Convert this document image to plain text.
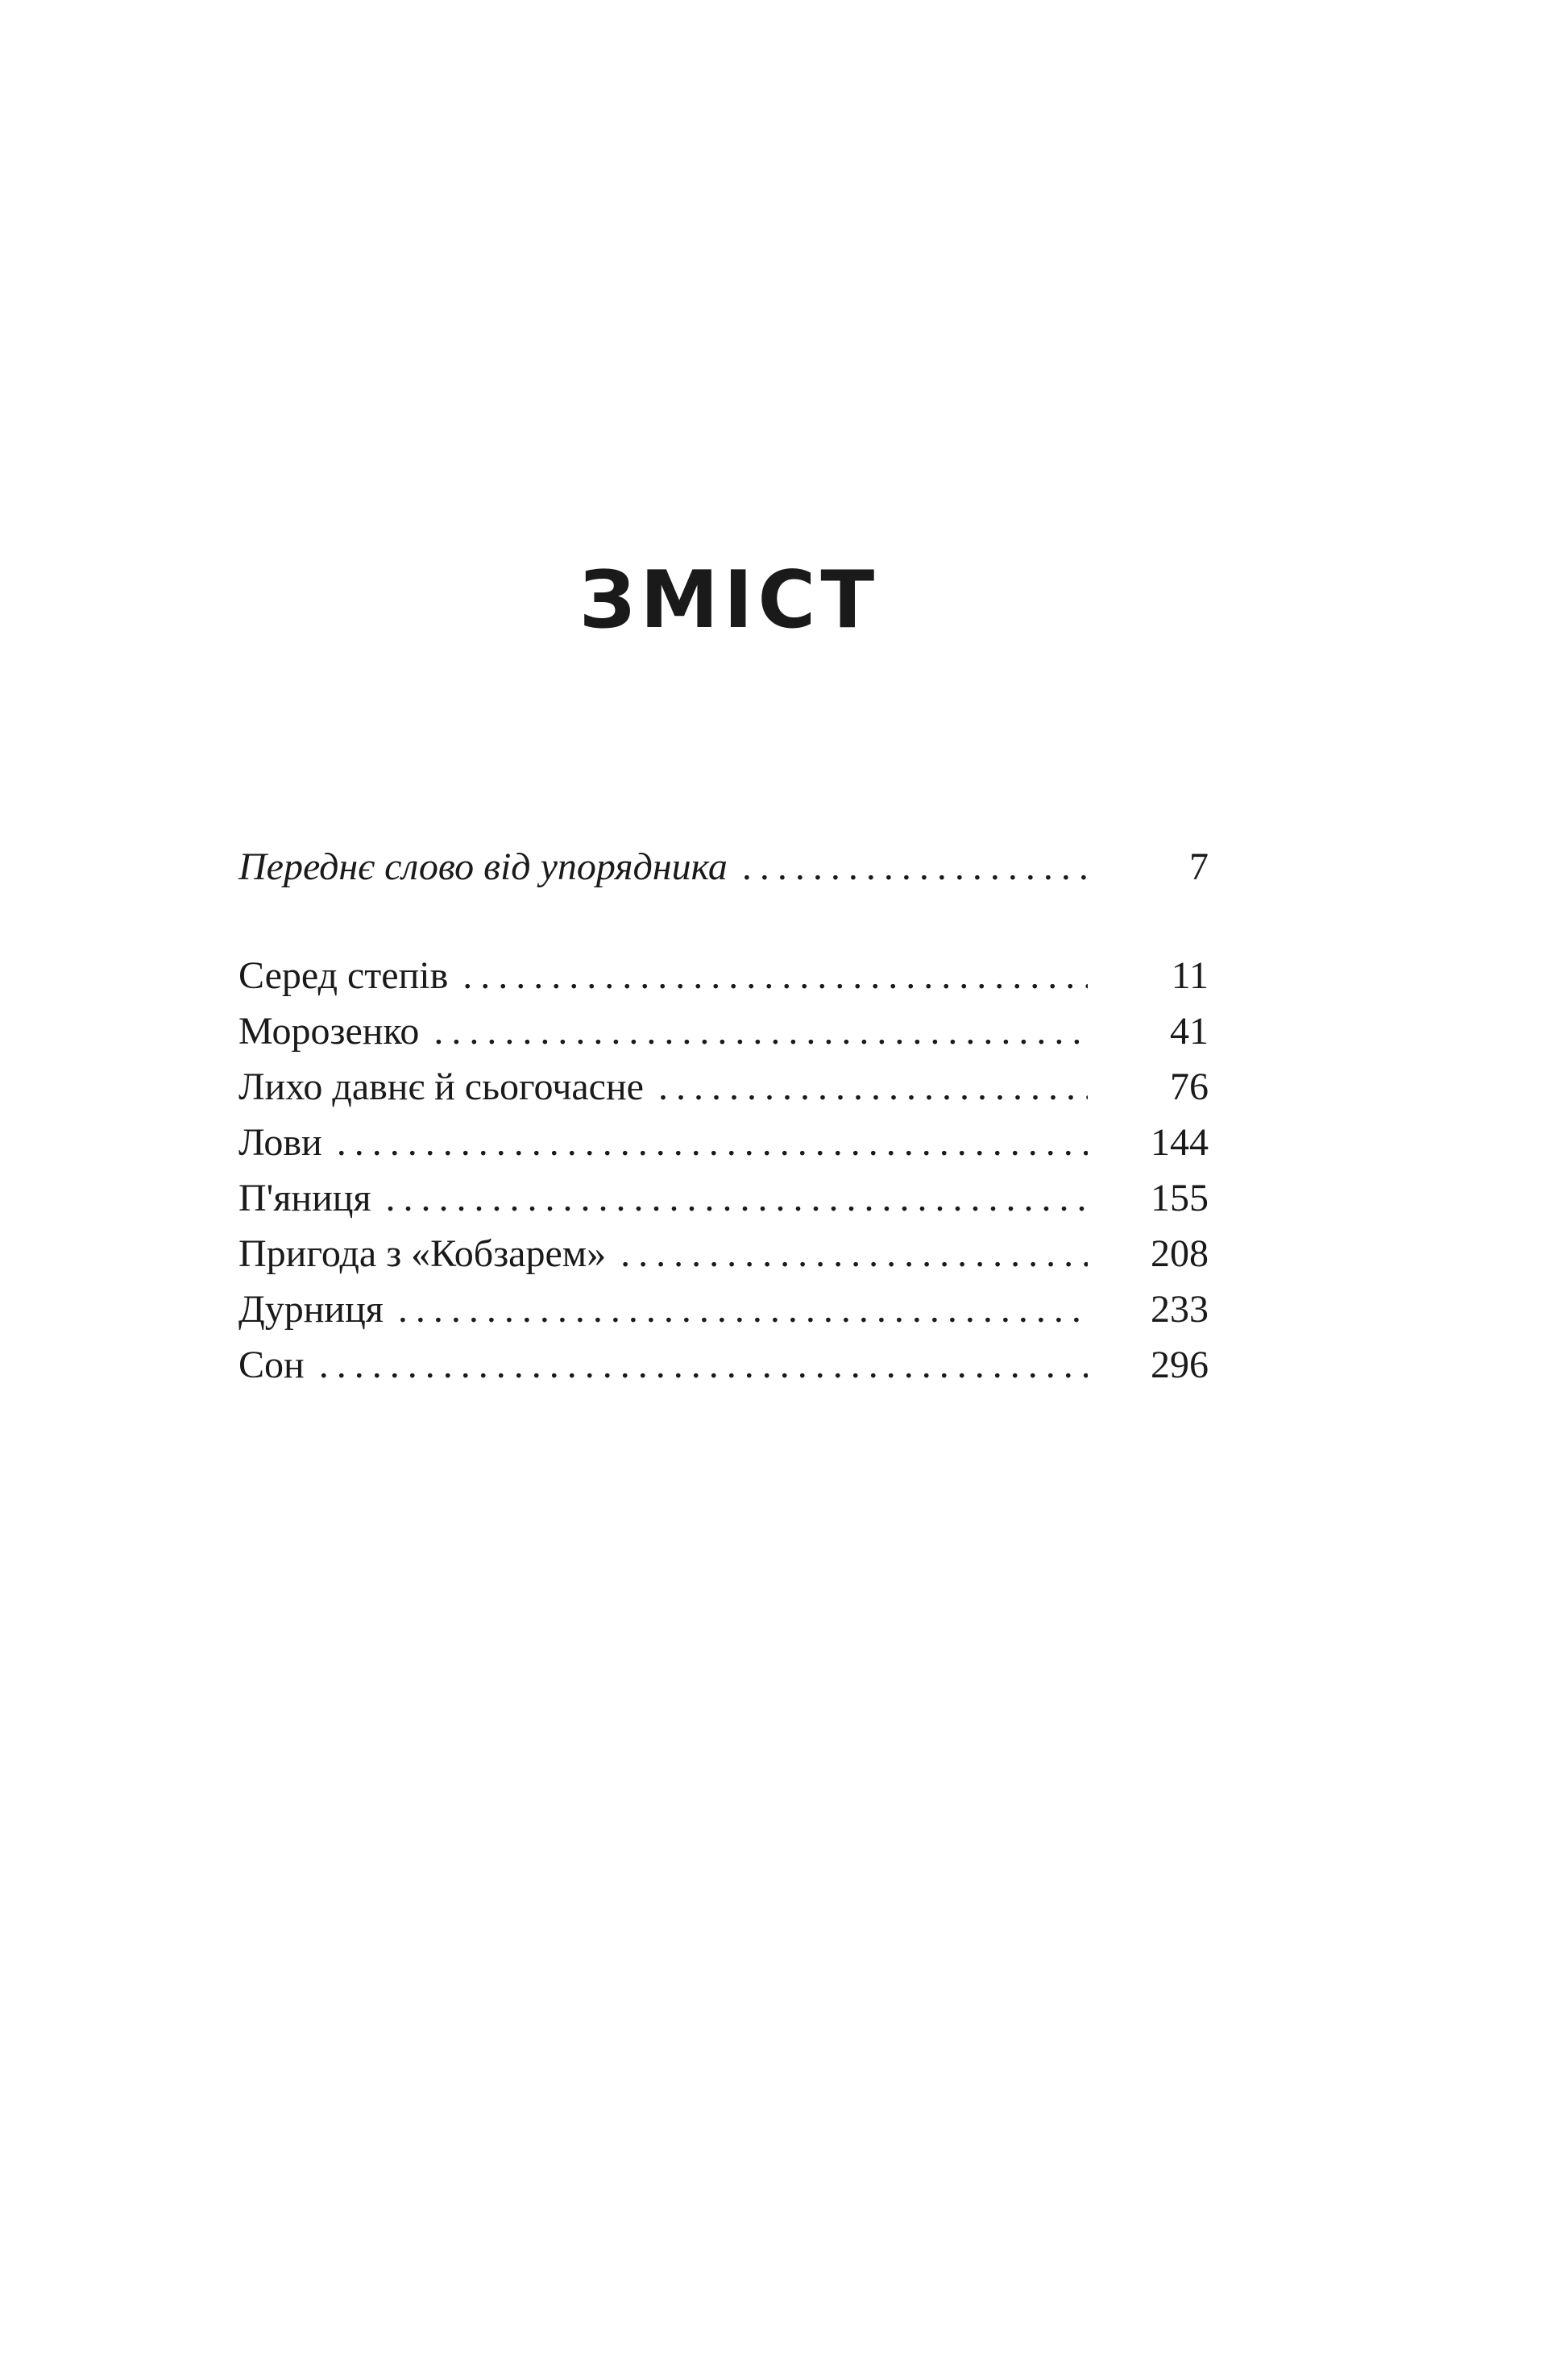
ЗМІСТ
Переднє слово від упорядника . . .	7
Серед степів . . .	11
Морозенко . . .	41
Лихо давнє й сьогочасне . . .	76
Лови . . .	144
П'яниця . . .	155
Пригода з «Кобзарем» . . .	208
Дурниця . . .	233
Сон . . .	296
